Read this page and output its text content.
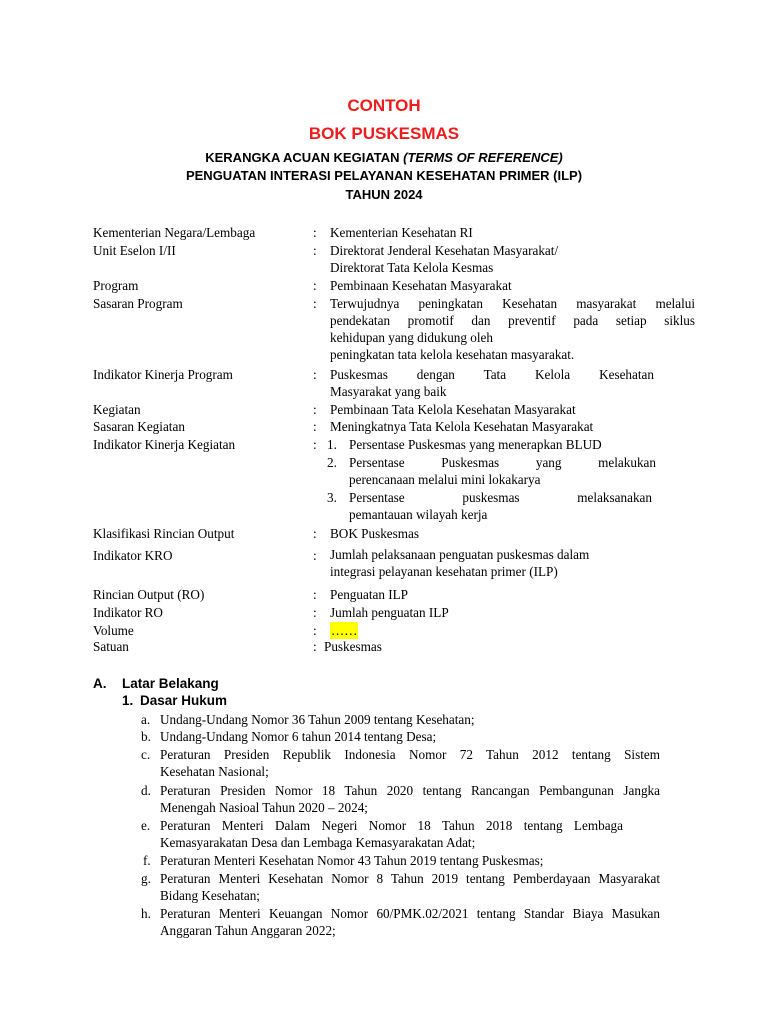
CONTOH
BOK PUSKESMAS
KERANGKA ACUAN KEGIATAN (TERMS OF REFERENCE)
PENGUATAN INTERASI PELAYANAN KESEHATAN PRIMER (ILP)
TAHUN 2024
Kementerian Negara/Lembaga	: Kementerian Kesehatan RI
Unit Eselon I/II	: Direktorat Jenderal Kesehatan Masyarakat/
Direktorat Tata Kelola Kesmas
Program	: Pembinaan Kesehatan Masyarakat
Sasaran Program	: Terwujudnya peningkatan Kesehatan masyarakat melalui
pendekatan promotif dan preventif pada setiap siklus
kehidupan yang didukung oleh
peningkatan tata kelola kesehatan masyarakat.
Indikator Kinerja Program	: Puskesmas dengan Tata Kelola Kesehatan
Masyarakat yang baik
Kegiatan	: Pembinaan Tata Kelola Kesehatan Masyarakat
Sasaran Kegiatan	: Meningkatnya Tata Kelola Kesehatan Masyarakat
Indikator Kinerja Kegiatan	: 1. Persentase Puskesmas yang menerapkan BLUD
2. Persentase Puskesmas yang melakukan
perencanaan melalui mini lokakarya
3. Persentase puskesmas melaksanakan
pemantauan wilayah kerja
Klasifikasi Rincian Output	: BOK Puskesmas
Indikator KRO	: Jumlah pelaksanaan penguatan puskesmas dalam
integrasi pelayanan kesehatan primer (ILP)
Rincian Output (RO)	: Penguatan ILP
Indikator RO	: Jumlah penguatan ILP
Volume	: ……
Satuan	: Puskesmas
A. Latar Belakang
1. Dasar Hukum
a. Undang-Undang Nomor 36 Tahun 2009 tentang Kesehatan;
b. Undang-Undang Nomor 6 tahun 2014 tentang Desa;
c. Peraturan Presiden Republik Indonesia Nomor 72 Tahun 2012 tentang Sistem
Kesehatan Nasional;
d. Peraturan Presiden Nomor 18 Tahun 2020 tentang Rancangan Pembangunan Jangka
Menengah Nasioal Tahun 2020 – 2024;
e. Peraturan Menteri Dalam Negeri Nomor 18 Tahun 2018 tentang Lembaga
Kemasyarakatan Desa dan Lembaga Kemasyarakatan Adat;
f. Peraturan Menteri Kesehatan Nomor 43 Tahun 2019 tentang Puskesmas;
g. Peraturan Menteri Kesehatan Nomor 8 Tahun 2019 tentang Pemberdayaan Masyarakat
Bidang Kesehatan;
h. Peraturan Menteri Keuangan Nomor 60/PMK.02/2021 tentang Standar Biaya Masukan
Anggaran Tahun Anggaran 2022;
